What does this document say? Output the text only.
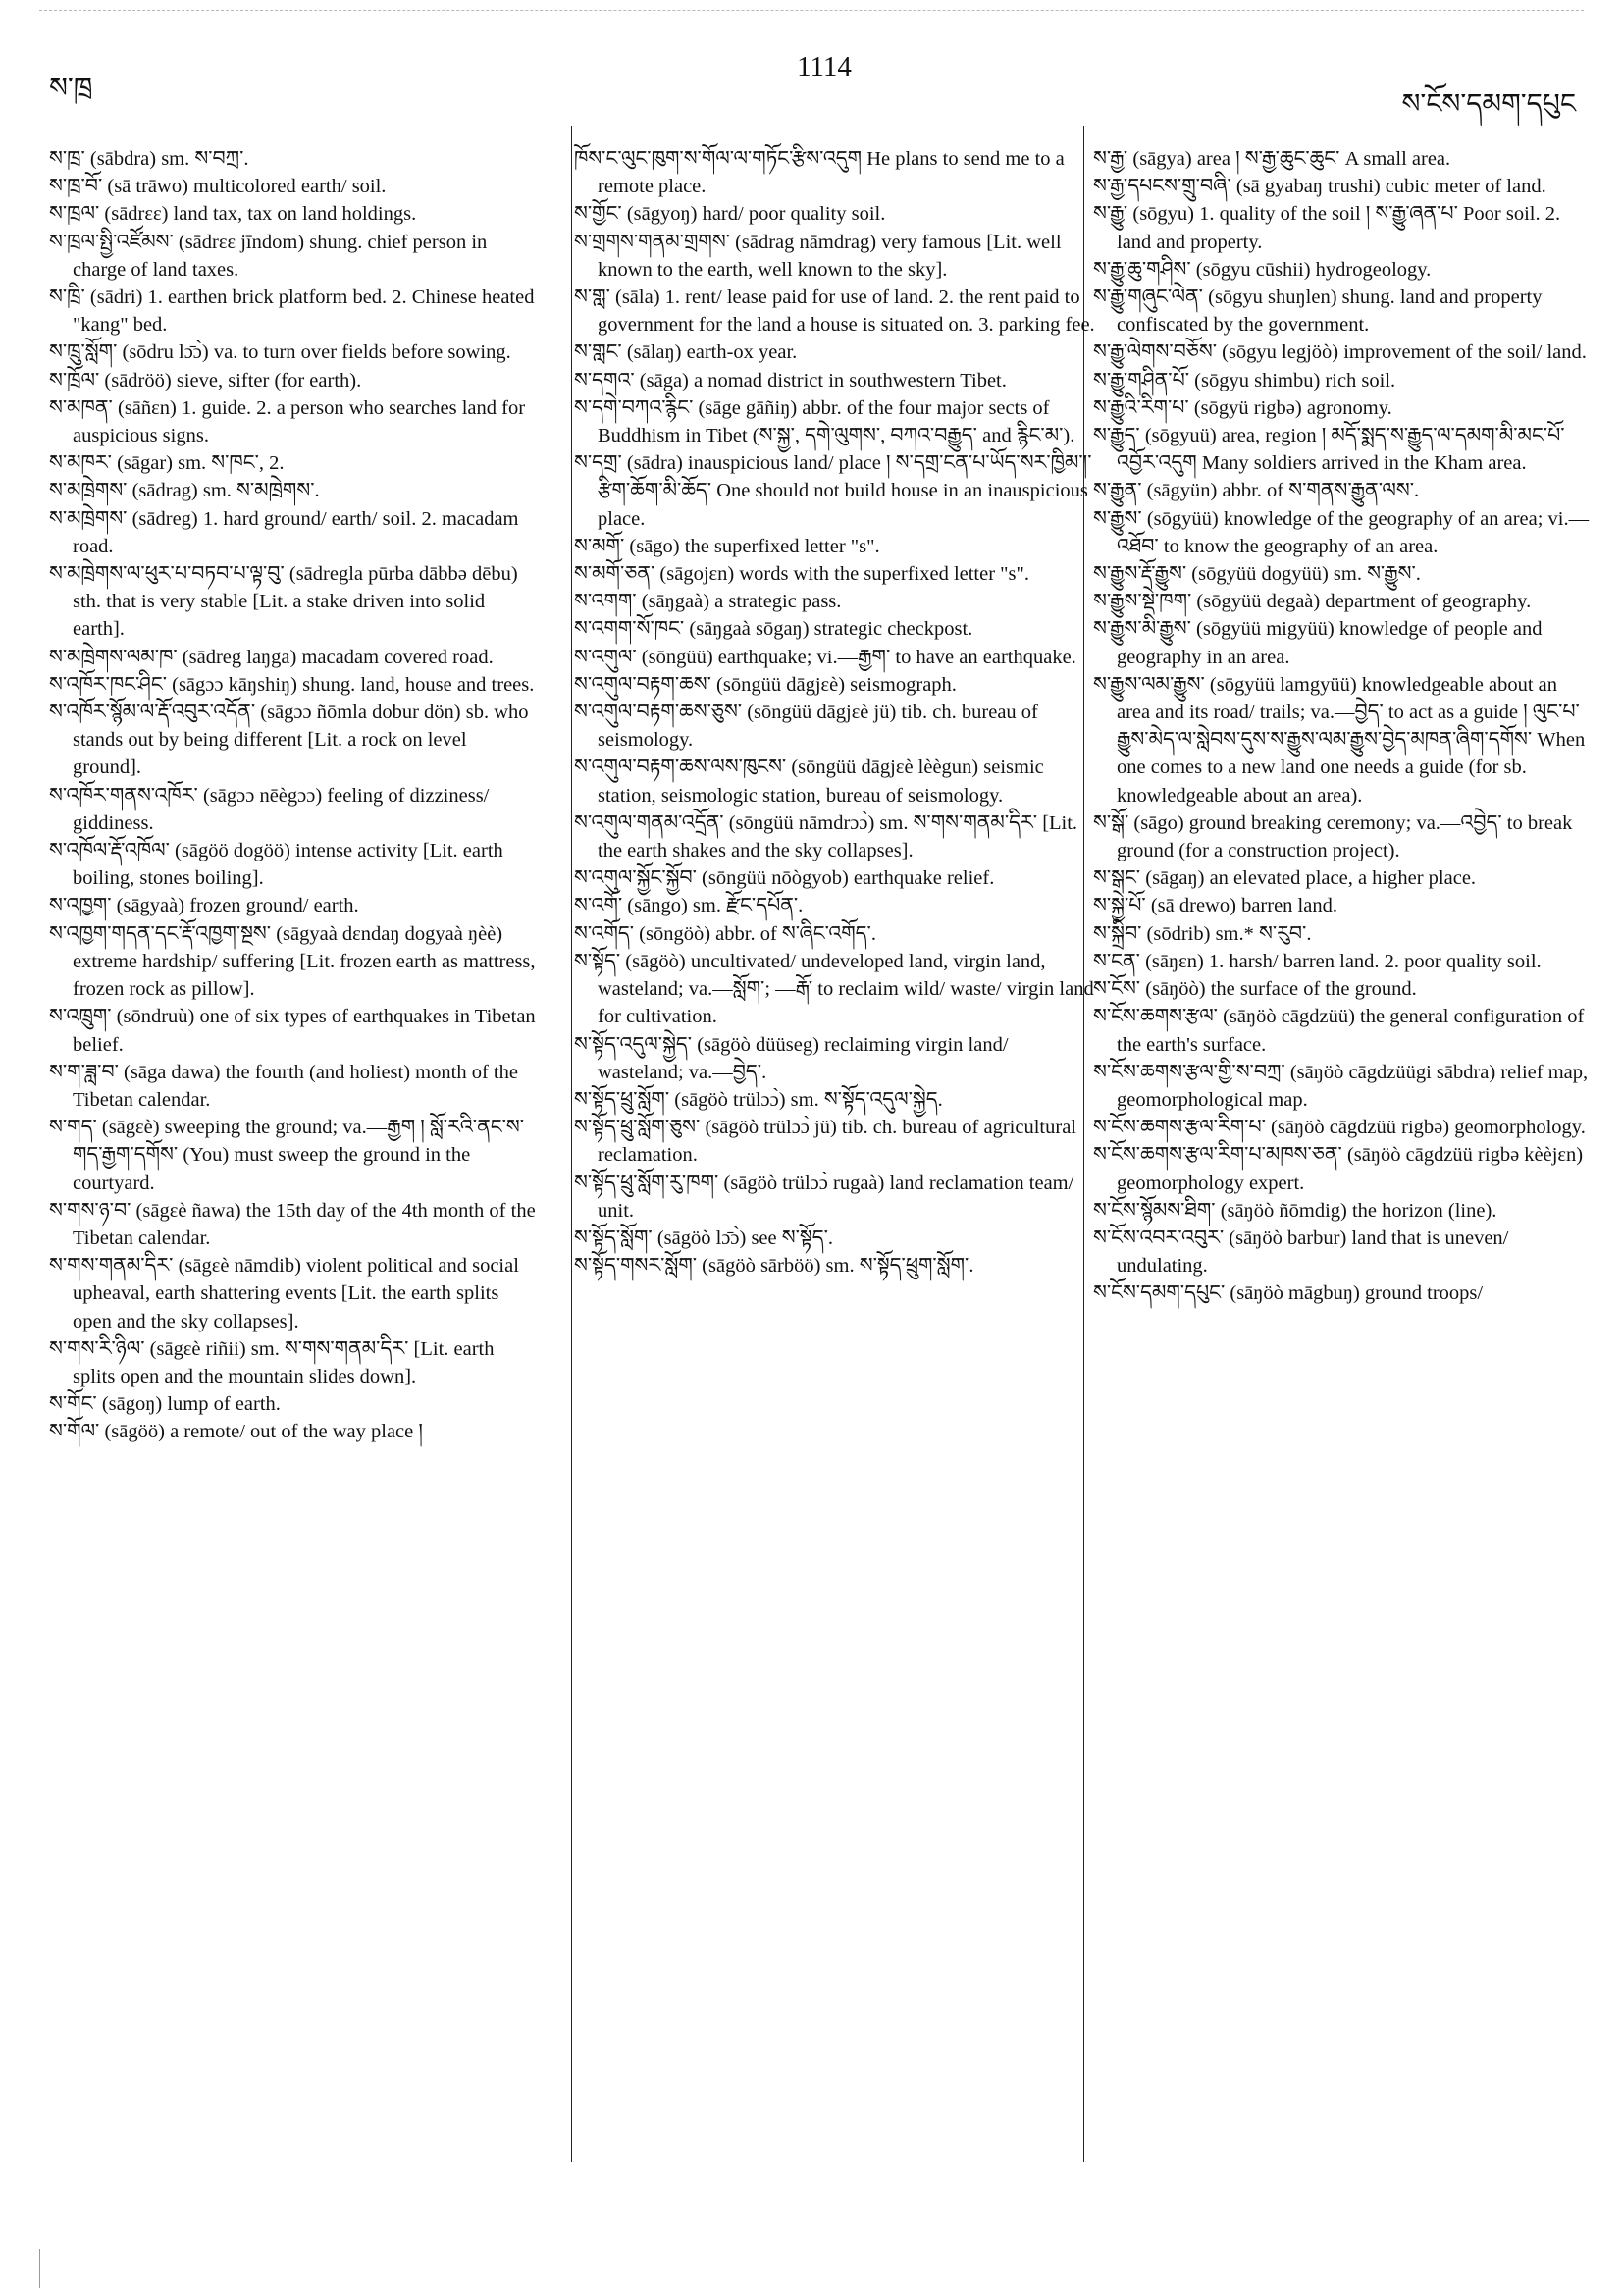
ས་ཁྲ
1114
ས་ངོས་དམག་དཔུང
ས་ཁྲ་ (sābdra) sm. ས་བཀྲ་.
ས་ཁྲ་བོ་ (sā trāwo) multicolored earth/ soil.
ས་ཁྲལ་ (sādrεε) land tax, tax on land holdings.
ས་ཁྲལ་སྤྱི་འཛོམས་ (sādrεε jīndom) shung. chief person in charge of land taxes.
ས་ཁྲི་ (sādri) 1. earthen brick platform bed. 2. Chinese heated "kang" bed.
ས་ཁྲུ་སློག་ (sōdru lɔ̄ɔ̀) va. to turn over fields before sowing.
ས་ཁྲོལ་ (sādröö) sieve, sifter (for earth).
ས་མཁན་ (sāñεn) 1. guide. 2. a person who searches land for auspicious signs.
ས་མཁར་ (sāgar) sm. ས་ཁང་, 2.
ས་མཁྲེགས་ (sādrag) sm. ས་མཁྲེགས་.
ས་མཁྲེགས་ (sādreg) 1. hard ground/ earth/ soil. 2. macadam road.
ས་མཁྲེགས་ལ་ཕུར་པ་བཏབ་པ་ལྟ་བུ་ (sādregla pūrba dābbə dēbu) sth. that is very stable [Lit. a stake driven into solid earth].
ས་མཁྲེགས་ལམ་ཁ་ (sādreg laŋga) macadam covered road.
ས་འཁོར་ཁང་ཤིང་ (sāgɔɔ kāŋshiŋ) shung. land, house and trees.
ས་འཁོར་སྙོམ་ལ་རྡོ་འབུར་འདོན་ (sāgɔɔ ñōmla dobur dön) sb. who stands out by being different [Lit. a rock on level ground].
ས་འཁོར་གནས་འཁོར་ (sāgɔɔ nēègɔɔ) feeling of dizziness/ giddiness.
ས་འཁོལ་རྡོ་འཁོལ་ (sāgöö dogöö) intense activity [Lit. earth boiling, stones boiling].
ས་འཁྱག་ (sāgyaà) frozen ground/ earth.
ས་འཁྱག་གདན་དང་རྡོ་འཁྱག་སྔས་ (sāgyaà dεndaŋ dogyaà ŋèè) extreme hardship/ suffering [Lit. frozen earth as mattress, frozen rock as pillow].
ས་འཁྲུག་ (sōndruù) one of six types of earthquakes in Tibetan belief.
ས་ག་ཟླ་བ་ (sāga dawa) the fourth (and holiest) month of the Tibetan calendar.
ས་གད་ (sāgεè) sweeping the ground; va.—རྒྱག ། སློ་རའི་ནང་ས་གད་རྒྱག་དགོས་ (You) must sweep the ground in the courtyard.
ས་གས་ཉ་བ་ (sāgεè ñawa) the 15th day of the 4th month of the Tibetan calendar.
ས་གས་གནམ་དིར་ (sāgεè nāmdib) violent political and social upheaval, earth shattering events [Lit. the earth splits open and the sky collapses].
ས་གས་རི་ཉིལ་ (sāgεè riñii) sm. ས་གས་གནམ་དིར་ [Lit. earth splits open and the mountain slides down].
ས་གོང་ (sāgoŋ) lump of earth.
ས་གོལ་ (sāgöö) a remote/ out of the way place །
ཁོས་ང་ལུང་ཁུག་ས་གོལ་ལ་གཏོང་རྩིས་འདུག He plans to send me to a remote place.
ས་གྱོང་ (sāgyoŋ) hard/ poor quality soil.
ས་གྲགས་གནམ་གྲགས་ (sādrag nāmdrag) very famous [Lit. well known to the earth, well known to the sky].
ས་གླ་ (sāla) 1. rent/ lease paid for use of land. 2. the rent paid to government for the land a house is situated on. 3. parking fee.
ས་གླང་ (sālaŋ) earth-ox year.
ས་དགའ་ (sāga) a nomad district in southwestern Tibet.
ས་དགེ་བཀའ་རྙིང་ (sāge gāñiŋ) abbr. of the four major sects of Buddhism in Tibet (ས་སྐྱ་, དགེ་ལུགས་, བཀའ་བརྒྱུད་ and རྙིང་མ་).
ས་དགྲ་ (sādra) inauspicious land/ place ། ས་དགྲ་ངན་པ་ཡོད་སར་ཁྱིམ་།་རྩིག་ཆོག་མི་ཆོད་ One should not build house in an inauspicious place.
ས་མགོ་ (sāgo) the superfixed letter "s".
ས་མགོ་ཅན་ (sāgojεn) words with the superfixed letter "s".
ས་འགག་ (sāŋgaà) a strategic pass.
ས་འགག་སོ་ཁང་ (sāŋgaà sōgaŋ) strategic checkpost.
ས་འགུལ་ (sōngüü) earthquake; vi.—རྒྱག་ to have an earthquake.
ས་འགུལ་བརྟག་ཆས་ (sōngüü dāgjεè) seismograph.
ས་འགུལ་བརྟག་ཆས་ཅུས་ (sōngüü dāgjεè jü) tib. ch. bureau of seismology.
ས་འགུལ་བརྟག་ཆས་ལས་ཁུངས་ (sōngüü dāgjεè lèègun) seismic station, seismologic station, bureau of seismology.
ས་འགུལ་གནམ་འདྲོན་ (sōngüü nāmdrɔɔ̀) sm. ས་གས་གནམ་དིར་ [Lit. the earth shakes and the sky collapses].
ས་འགུལ་སྐྱོང་སྐྱོབ་ (sōngüü nōògyob) earthquake relief.
ས་འགོ་ (sāngo) sm. རྫོང་དཔོན་.
ས་འགོད་ (sōngöò) abbr. of ས་ཞིང་འགོད་.
ས་སྟོད་ (sāgöò) uncultivated/ undeveloped land, virgin land, wasteland; va.—སློག་; —རྒོ་ to reclaim wild/ waste/ virgin land for cultivation.
ས་སྟོད་འདུལ་སྐྱེད་ (sāgöò düüseg) reclaiming virgin land/ wasteland; va.—བྱེད་.
ས་སྟོད་ཕྲུ་སློག་ (sāgöò trülɔɔ̀) sm. ས་སྟོད་འདུལ་སྐྱེད.
ས་སྟོད་ཕྲུ་སློག་ཅུས་ (sāgöò trülɔɔ̀ jü) tib. ch. bureau of agricultural reclamation.
ས་སྟོད་ཕྲུ་སློག་རུ་ཁག་ (sāgöò trülɔɔ̀ rugaà) land reclamation team/ unit.
ས་སྟོད་སློག་ (sāgöò lɔ̄ɔ̀) see ས་སྟོད་.
ས་སྟོད་གསར་སློག་ (sāgöò sārböö) sm. ས་སྟོད་ཕྲུག་སློག་.
ས་རྒྱ་ (sāgya) area ། ས་རྒྱ་ཆུང་ཆུང་ A small area.
ས་རྒྱ་དཔངས་གྲུ་བཞི་ (sā gyabaŋ trushi) cubic meter of land.
ས་རྒྱུ་ (sōgyu) 1. quality of the soil ། ས་རྒྱུ་ཞན་པ་ Poor soil. 2. land and property.
ས་རྒྱུ་ཆུ་གཤིས་ (sōgyu cūshii) hydrogeology.
ས་རྒྱུ་གཞུང་ལེན་ (sōgyu shuŋlen) shung. land and property confiscated by the government.
ས་རྒྱུ་ལེགས་བཅོས་ (sōgyu legjöò) improvement of the soil/ land.
ས་རྒྱུ་གཤིན་པོ་ (sōgyu shimbu) rich soil.
ས་རྒྱུའི་རིག་པ་ (sōgyü rigbə) agronomy.
ས་རྒྱུད་ (sōgyuü) area, region ། མདོ་སྨད་ས་རྒྱུད་ལ་དམག་མི་མང་པོ་འབྱོར་འདུག Many soldiers arrived in the Kham area.
ས་རྒྱུན་ (sāgyün) abbr. of ས་གནས་རྒྱུན་ལས་.
ས་རྒྱུས་ (sōgyüü) knowledge of the geography of an area; vi.—འཐོབ་ to know the geography of an area.
ས་རྒྱུས་རྡོ་རྒྱུས་ (sōgyüü dogyüü) sm. ས་རྒྱུས་.
ས་རྒྱུས་སྡེ་ཁག་ (sōgyüü degaà) department of geography.
ས་རྒྱུས་མི་རྒྱུས་ (sōgyüü migyüü) knowledge of people and geography in an area.
ས་རྒྱུས་ལམ་རྒྱུས་ (sōgyüü lamgyüü) knowledgeable about an area and its road/ trails; va.—བྱེད་ to act as a guide ། ལུང་པ་རྒྱུས་མེད་ལ་སླེབས་དུས་ས་རྒྱུས་ལམ་རྒྱུས་བྱེད་མཁན་ཞིག་དགོས་ When one comes to a new land one needs a guide (for sb. knowledgeable about an area).
ས་སྒོ་ (sāgo) ground breaking ceremony; va.—འབྱེད་ to break ground (for a construction project).
ས་སྒང་ (sāgaŋ) an elevated place, a higher place.
ས་སྐྱེ་པོ་ (sā drewo) barren land.
ས་སྐྲིབ་ (sōdrib) sm.* ས་རུབ་.
ས་ངན་ (sāŋεn) 1. harsh/ barren land. 2. poor quality soil.
ས་ངོས་ (sāŋöò) the surface of the ground.
ས་ངོས་ཆགས་རྩལ་ (sāŋöò cāgdzüü) the general configuration of the earth's surface.
ས་ངོས་ཆགས་རྩལ་གྱི་ས་བཀྲ་ (sāŋöò cāgdzüügi sābdra) relief map, geomorphological map.
ས་ངོས་ཆགས་རྩལ་རིག་པ་ (sāŋöò cāgdzüü rigbə) geomorphology.
ས་ངོས་ཆགས་རྩལ་རིག་པ་མཁས་ཅན་ (sāŋöò cāgdzüü rigbə kèèjεn) geomorphology expert.
ས་ངོས་སྙོམས་ཐིག་ (sāŋöò ñōmdig) the horizon (line).
ས་ངོས་འབར་འབུར་ (sāŋöò barbur) land that is uneven/ undulating.
ས་ངོས་དམག་དཔུང་ (sāŋöò māgbuŋ) ground troops/
